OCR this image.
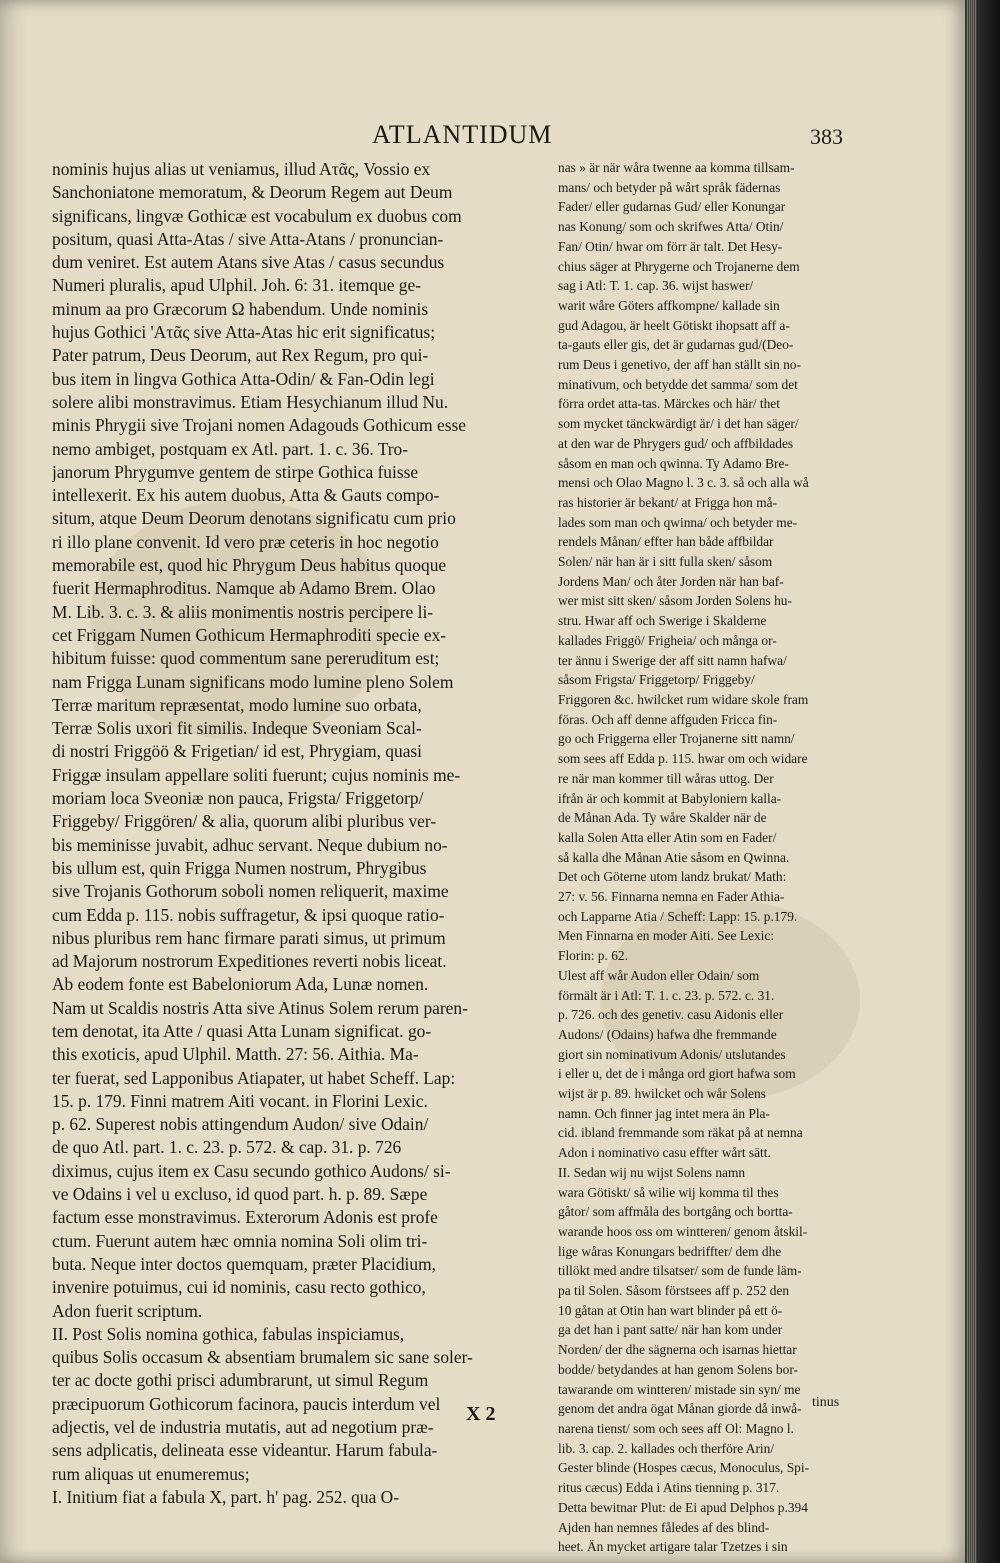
ATLANTIDUM	383
nominis hujus alias ut veniamus, illud Aτᾶς, Vossio ex
Sanchoniatone memoratum, & Deorum Regem aut Deum
significans, lingvæ Gothicæ est vocabulum ex duobus com
positum, quasi Atta-Atas / sive Atta-Atans / pronuncian-
dum veniret. Est autem Atans sive Atas / casus secundus
Numeri pluralis, apud Ulphil. Joh. 6: 31. itemque ge-
minum aa pro Græcorum Ω habendum. Unde nominis
hujus Gothici 'Aτᾶς sive Atta-Atas hic erit significatus;
Pater patrum, Deus Deorum, aut Rex Regum, pro qui-
bus item in lingva Gothica Atta-Odin/ & Fan-Odin legi
solere alibi monstravimus. Etiam Hesychianum illud Nu.
minis Phrygii sive Trojani nomen Adagouds Gothicum esse
nemo ambiget, postquam ex Atl. part. 1. c. 36. Tro-
janorum Phrygumve gentem de stirpe Gothica fuisse
intellexerit. Ex his autem duobus, Atta & Gauts compo-
situm, atque Deum Deorum denotans significatu cum prio
ri illo plane convenit. Id vero præ ceteris in hoc negotio
memorabile est, quod hic Phrygum Deus habitus quoque
fuerit Hermaphroditus. Namque ab Adamo Brem. Olao
M. Lib. 3. c. 3. & aliis monimentis nostris percipere li-
cet Friggam Numen Gothicum Hermaphroditi specie ex-
hibitum fuisse: quod commentum sane pereruditum est;
nam Frigga Lunam significans modo lumine pleno Solem
Terræ maritum repræsentat, modo lumine suo orbata,
Terræ Solis uxori fit similis. Indeque Sveoniam Scal-
di nostri Friggöö & Frigetian/ id est, Phrygiam, quasi
Friggæ insulam appellare soliti fuerunt; cujus nominis me-
moriam loca Sveoniæ non pauca, Frigsta/ Friggetorp/
Friggeby/ Friggören/ & alia, quorum alibi pluribus ver-
bis meminisse juvabit, adhuc servant. Neque dubium no-
bis ullum est, quin Frigga Numen nostrum, Phrygibus
sive Trojanis Gothorum soboli nomen reliquerit, maxime
cum Edda p. 115. nobis suffragetur, & ipsi quoque ratio-
nibus pluribus rem hanc firmare parati simus, ut primum
ad Majorum nostrorum Expeditiones reverti nobis liceat.
Ab eodem fonte est Babeloniorum Ada, Lunæ nomen.
Nam ut Scaldis nostris Atta sive Atinus Solem rerum paren-
tem denotat, ita Atte / quasi Atta Lunam significat. go-
this exoticis, apud Ulphil. Matth. 27: 56. Aithia. Ma-
ter fuerat, sed Lapponibus Atiapater, ut habet Scheff. Lap:
15. p. 179. Finni matrem Aiti vocant. in Florini Lexic.
p. 62. Superest nobis attingendum Audon/ sive Odain/
de quo Atl. part. 1. c. 23. p. 572. & cap. 31. p. 726
diximus, cujus item ex Casu secundo gothico Audons/ si-
ve Odains i vel u excluso, id quod part. h. p. 89. Sæpe
factum esse monstravimus. Exterorum Adonis est profe
ctum. Fuerunt autem hæc omnia nomina Soli olim tri-
buta. Neque inter doctos quemquam, præter Placidium,
invenire potuimus, cui id nominis, casu recto gothico,
Adon fuerit scriptum.
II. Post Solis nomina gothica, fabulas inspiciamus,
quibus Solis occasum & absentiam brumalem sic sane soler-
ter ac docte gothi prisci adumbrarunt, ut simul Regum
præcipuorum Gothicorum facinora, paucis interdum vel
adjectis, vel de industria mutatis, aut ad negotium præ-
sens adplicatis, delineata esse videantur. Harum fabula-
rum aliquas ut enumeremus;
I. Initium fiat a fabula X, part. h' pag. 252. qua O-
nas » är när wåra twenne aa komma tillsam-
mans/ och betyder på wårt språk fädernas
Fader/ eller gudarnas Gud/ eller Konungar
nas Konung/ som och skrifwes Atta/ Otin/
Fan/ Otin/ hwar om förr är talt. Det Hesy-
chius säger at Phrygerne och Trojanerne dem
sag i Atl: T. 1. cap. 36. wijst haswer/
warit wåre Göters affkompne/ kallade sin
gud Adagou, är heelt Götiskt ihopsatt aff a-
ta-gauts eller gis, det är gudarnas gud/(Deo-
rum Deus i genetivo, der aff han ställt sin no-
minativum, och betydde det samma/ som det
förra ordet atta-tas. Märckes och här/ thet
som mycket tänckwärdigt är/ i det han säger/
at den war de Phrygers gud/ och affbildades
såsom en man och qwinna. Ty Adamo Bre-
mensi och Olao Magno l. 3 c. 3. så och alla wå
ras historier är bekant/ at Frigga hon må-
lades som man och qwinna/ och betyder me-
rendels Månan/ effter han både affbildar
Solen/ när han är i sitt fulla sken/ såsom
Jordens Man/ och åter Jorden när han baf-
wer mist sitt sken/ såsom Jorden Solens hu-
stru. Hwar aff och Swerige i Skalderne
kallades Friggö/ Frigheia/ och många or-
ter ännu i Swerige der aff sitt namn hafwa/
såsom Frigsta/ Friggetorp/ Friggeby/
Friggoren &c. hwilcket rum widare skole fram
föras. Och aff denne affguden Fricca fin-
go och Friggerna eller Trojanerne sitt namn/
som sees aff Edda p. 115. hwar om och widare
re när man kommer till wåras uttog. Der
ifrån är och kommit at Babyloniern kalla-
de Månan Ada. Ty wåre Skalder när de
kalla Solen Atta eller Atin som en Fader/
så kalla dhe Månan Atie såsom en Qwinna.
Det och Göterne utom landz brukat/ Math:
27: v. 56. Finnarna nemna en Fader Athia-
och Lapparne Atia / Scheff: Lapp: 15. p.179.
Men Finnarna en moder Aiti. See Lexic:
Florin: p. 62.
Ulest aff wår Audon eller Odain/ som
förmält är i Atl: T. 1. c. 23. p. 572. c. 31.
p. 726. och des genetiv. casu Aidonis eller
Audons/ (Odains) hafwa dhe fremmande
giort sin nominativum Adonis/ utslutandes
i eller u, det de i många ord giort hafwa som
wijst är p. 89. hwilcket och wår Solens
namn. Och finner jag intet mera än Pla-
cid. ibland fremmande som räkat på at nemna
Adon i nominativo casu effter wårt sätt.
II. Sedan wij nu wijst Solens namn
wara Götiskt/ så wilie wij komma til thes
gåtor/ som affmåla des bortgång och bortta-
warande hoos oss om wintteren/ genom åtskil-
lige wåras Konungars bedriffter/ dem dhe
tillökt med andre tilsatser/ som de funde läm-
pa til Solen. Såsom förstsees aff p. 252 den
10 gåtan at Otin han wart blinder på ett ö-
ga det han i pant satte/ när han kom under
Norden/ der dhe sägnerna och isarnas hiettar
bodde/ betydandes at han genom Solens bor-
tawarande om wintteren/ mistade sin syn/ me
genom det andra ögat Månan giorde då inwå-
narena tienst/ som och sees aff Ol: Magno l.
lib. 3. cap. 2. kallades och therföre Arin/
Gester blinde (Hospes cæcus, Monoculus, Spi-
ritus cæcus) Edda i Atins tienning p. 317.
Detta bewitnar Plut: de Ei apud Delphos p.394
Ajden han nemnes fåledes af des blind-
heet. Än mycket artigare talar Tzetzes i sin
X 2
tinus
